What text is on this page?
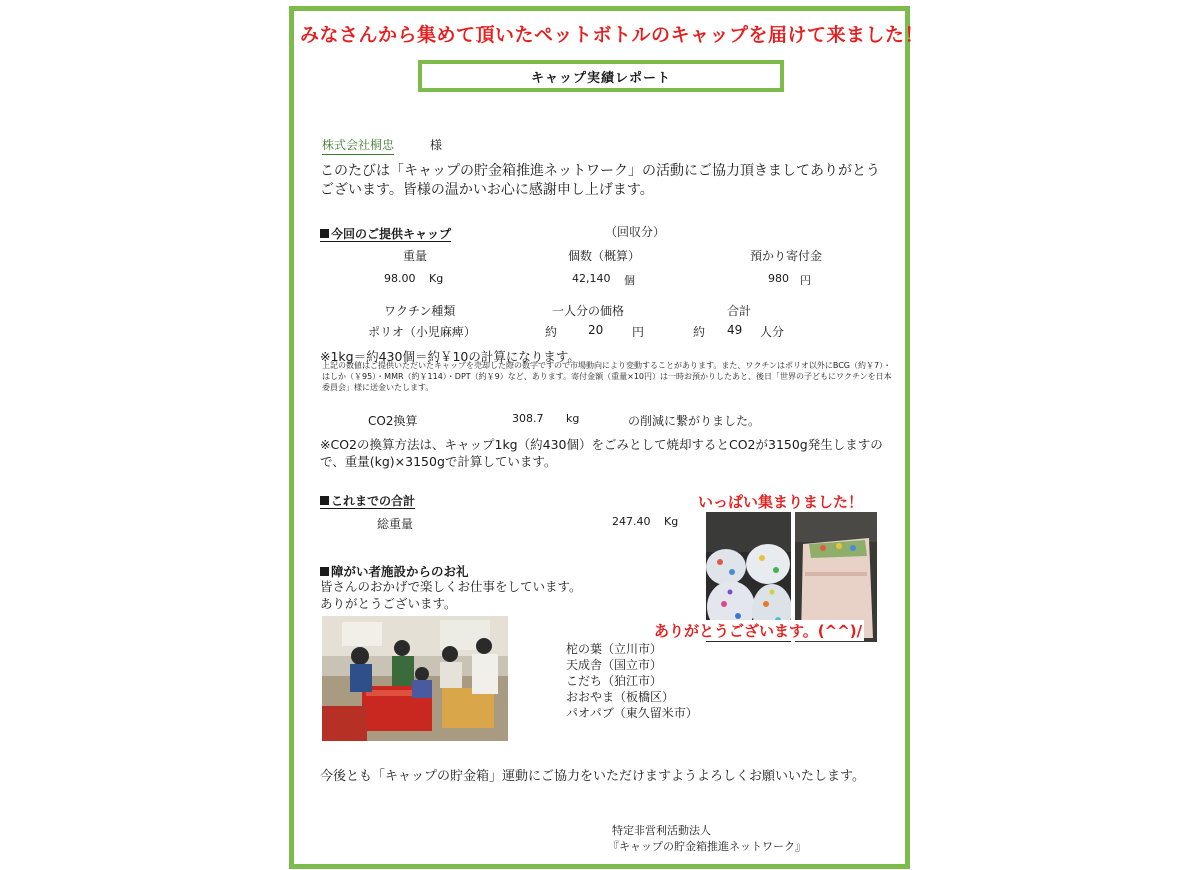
みなさんから集めて頂いたペットボトルのキャップを届けて来ました！
キャップ実績レポート
株式会社桐忠	様
このたびは「キャップの貯金箱推進ネットワーク」の活動にご協力頂きましてありがとうございます。皆様の温かいお心に感謝申し上げます。
今回のご提供キャップ	（回収分）
重量	個数（概算）	預かり寄付金
98.00 Kg	42,140 個	980 円
ワクチン種類	一人分の価格	合計
ポリオ（小児麻痺）	約	20 円	約 49 人分
※1kg＝約430個＝約￥10の計算になります。
上記の数値はご提供いただいたキャップを売却した際の数字ですので市場動向により変動することがあります。また、ワクチンはポリオ以外にBCG（約￥7）・はしか（￥95）・MMR（約￥114）・DPT（約￥9）など、あります。寄付金額（重量×10円）は一時お預かりしたあと、後日「世界の子どもにワクチンを日本委員会」様に送金いたします。
CO2換算	308.7 kg	の削減に繋がりました。
※CO2の換算方法は、キャップ1kg（約430個）をごみとして焼却するとCO2が3150g発生しますので、重量(kg)×3150gで計算しています。
これまでの合計
総重量	247.40 Kg
障がい者施設からのお礼
皆さんのおかげで楽しくお仕事をしています。
ありがとうございます。
柁の葉（立川市）
天成舎（国立市）
こだち（狛江市）
おおやま（板橋区）
パオパブ（東久留米市）
いっぱい集まりました！
ありがとうございます。(^^)/
今後とも「キャップの貯金箱」運動にご協力をいただけますようよろしくお願いいたします。
特定非営利活動法人
『キャップの貯金箱推進ネットワーク』
